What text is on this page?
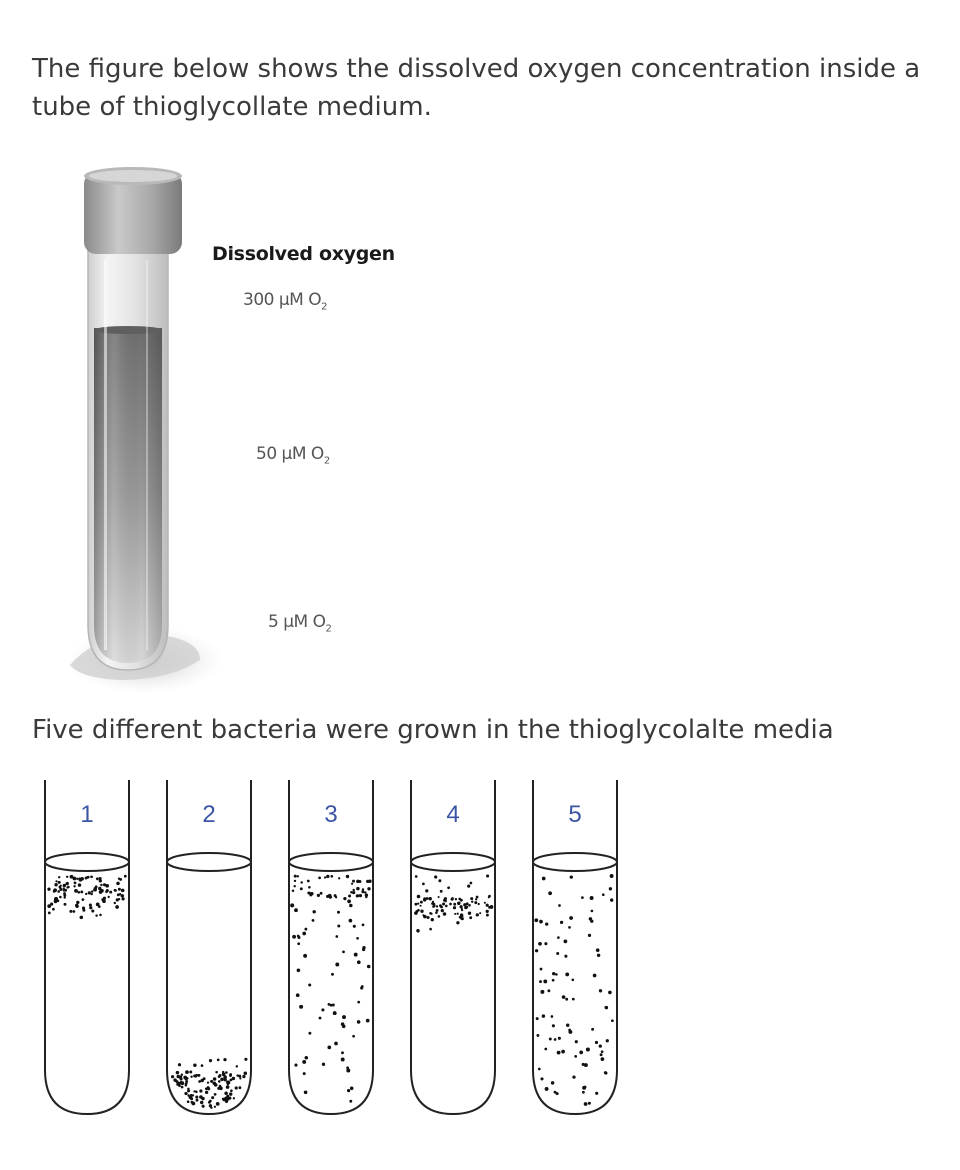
The figure below shows the dissolved oxygen concentration inside a tube of thioglycollate medium.

Dissolved oxygen
300 μM $O_2$
50 μM $O_2$
5 μM $O_2$

Five different bacteria were grown in the thioglycolalte media

1	2	3	4	5
